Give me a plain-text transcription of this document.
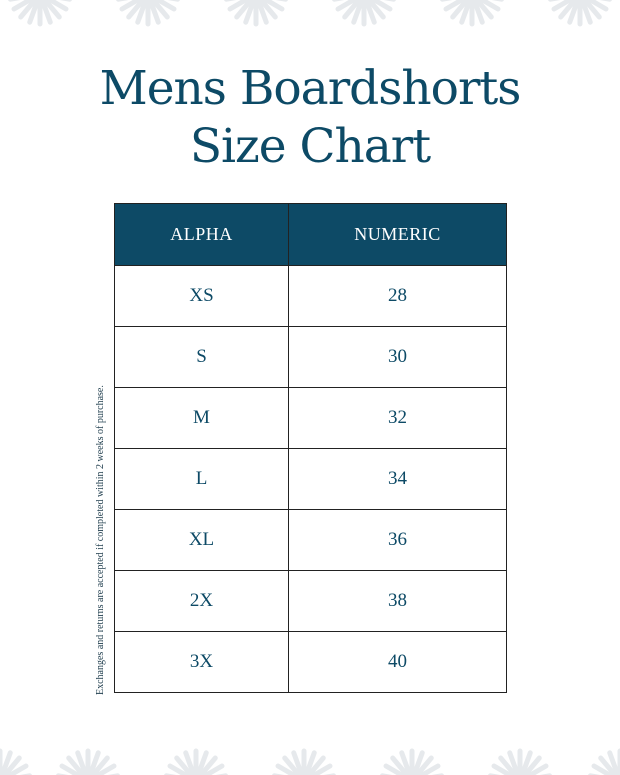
Mens Boardshorts
Size Chart
ALPHA	NUMERIC
XS	28
S	30
M	32
L	34
XL	36
2X	38
3X	40
Exchanges and returns are accepted if completed within 2 weeks of purchase.
